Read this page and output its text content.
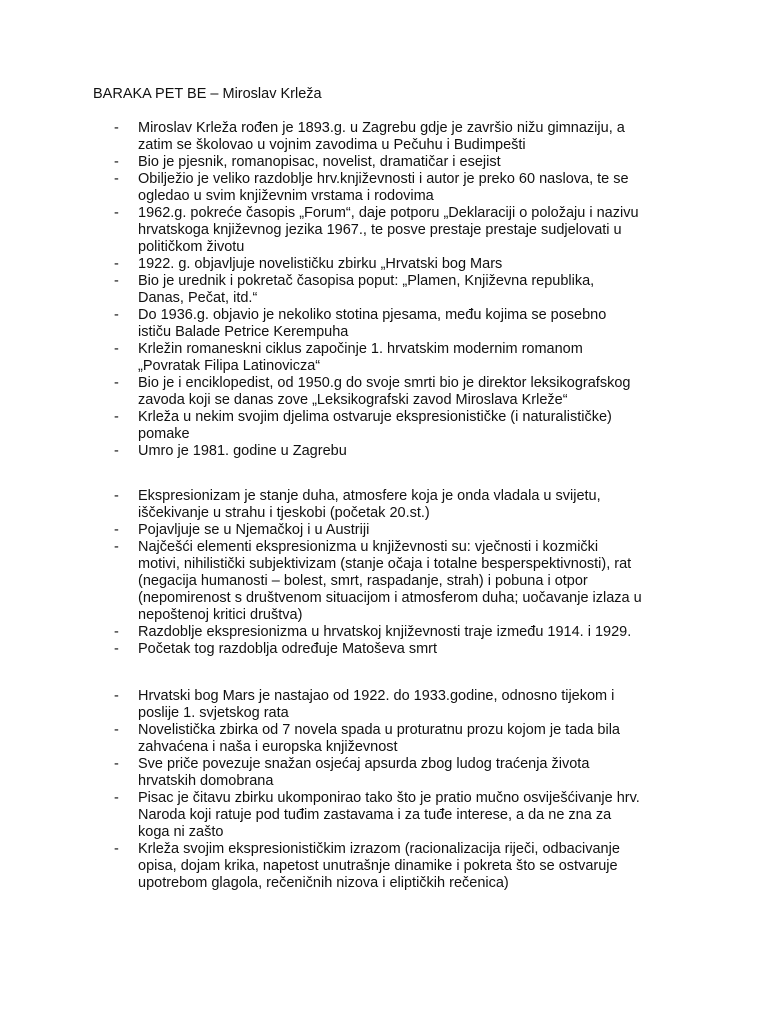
BARAKA PET BE – Miroslav Krleža
- Miroslav Krleža rođen je 1893.g. u Zagrebu gdje je završio nižu gimnaziju, a
zatim se školovao u vojnim zavodima u Pečuhu i Budimpešti
- Bio je pjesnik, romanopisac, novelist, dramatičar i esejist
- Obilježio je veliko razdoblje hrv.književnosti i autor je preko 60 naslova, te se
ogledao u svim književnim vrstama i rodovima
- 1962.g. pokreće časopis „Forum“, daje potporu „Deklaraciji o položaju i nazivu
hrvatskoga književnog jezika 1967., te posve prestaje prestaje sudjelovati u
političkom životu
- 1922. g. objavljuje novelističku zbirku „Hrvatski bog Mars
- Bio je urednik i pokretač časopisa poput: „Plamen, Književna republika,
Danas, Pečat, itd.“
- Do 1936.g. objavio je nekoliko stotina pjesama, među kojima se posebno
ističu Balade Petrice Kerempuha
- Krležin romaneskni ciklus započinje 1. hrvatskim modernim romanom
„Povratak Filipa Latinovicza“
- Bio je i enciklopedist, od 1950.g do svoje smrti bio je direktor leksikografskog
zavoda koji se danas zove „Leksikografski zavod Miroslava Krleže“
- Krleža u nekim svojim djelima ostvaruje ekspresionističke (i naturalističke)
pomake
- Umro je 1981. godine u Zagrebu
- Ekspresionizam je stanje duha, atmosfere koja je onda vladala u svijetu,
iščekivanje u strahu i tjeskobi (početak 20.st.)
- Pojavljuje se u Njemačkoj i u Austriji
- Najčešći elementi ekspresionizma u književnosti su: vječnosti i kozmički
motivi, nihilistički subjektivizam (stanje očaja i totalne besperspektivnosti), rat
(negacija humanosti – bolest, smrt, raspadanje, strah) i pobuna i otpor
(nepomirenost s društvenom situacijom i atmosferom duha; uočavanje izlaza u
nepoštenoj kritici društva)
- Razdoblje ekspresionizma u hrvatskoj književnosti traje između 1914. i 1929.
- Početak tog razdoblja određuje Matoševa smrt
- Hrvatski bog Mars je nastajao od 1922. do 1933.godine, odnosno tijekom i
poslije 1. svjetskog rata
- Novelistička zbirka od 7 novela spada u proturatnu prozu kojom je tada bila
zahvaćena i naša i europska književnost
- Sve priče povezuje snažan osjećaj apsurda zbog ludog traćenja života
hrvatskih domobrana
- Pisac je čitavu zbirku ukomponirao tako što je pratio mučno osviješćivanje hrv.
Naroda koji ratuje pod tuđim zastavama i za tuđe interese, a da ne zna za
koga ni zašto
- Krleža svojim ekspresionističkim izrazom (racionalizacija riječi, odbacivanje
opisa, dojam krika, napetost unutrašnje dinamike i pokreta što se ostvaruje
upotrebom glagola, rečeničnih nizova i eliptičkih rečenica)
